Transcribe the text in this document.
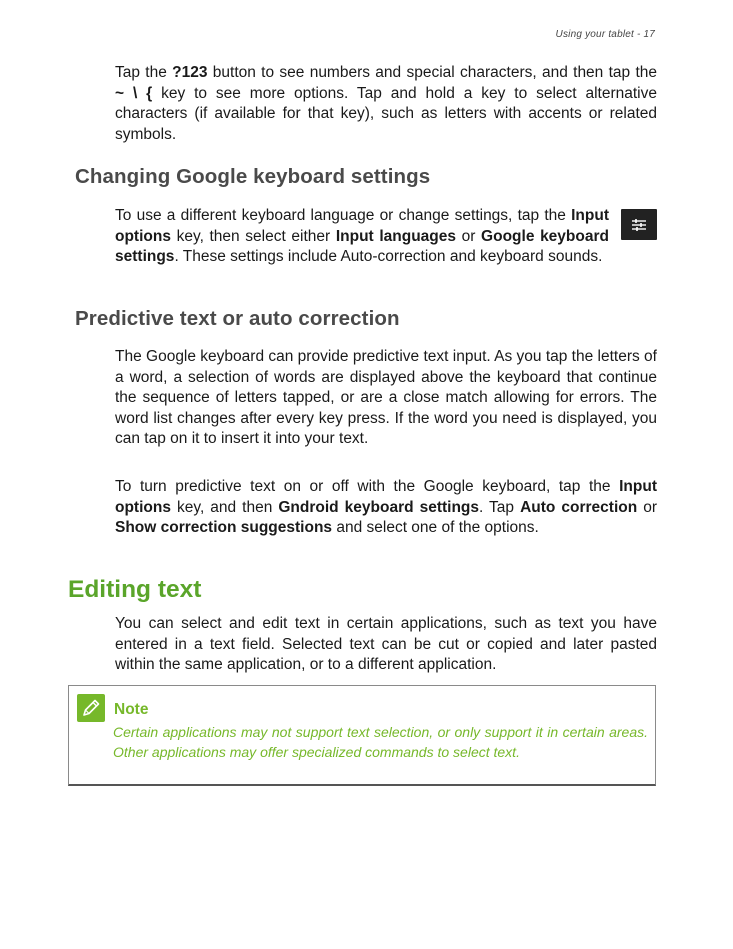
Using your tablet - 17

Tap the ?123 button to see numbers and special characters, and then tap the ~ \ { key to see more options. Tap and hold a key to select alternative characters (if available for that key), such as letters with accents or related symbols.

Changing Google keyboard settings

To use a different keyboard language or change settings, tap the Input options key, then select either Input languages or Google keyboard settings. These settings include Auto-correction and keyboard sounds.

Predictive text or auto correction

The Google keyboard can provide predictive text input. As you tap the letters of a word, a selection of words are displayed above the keyboard that continue the sequence of letters tapped, or are a close match allowing for errors. The word list changes after every key press. If the word you need is displayed, you can tap on it to insert it into your text.

To turn predictive text on or off with the Google keyboard, tap the Input options key, and then Gndroid keyboard settings. Tap Auto correction or Show correction suggestions and select one of the options.

Editing text

You can select and edit text in certain applications, such as text you have entered in a text field. Selected text can be cut or copied and later pasted within the same application, or to a different application.

Note

Certain applications may not support text selection, or only support it in certain areas. Other applications may offer specialized commands to select text.
